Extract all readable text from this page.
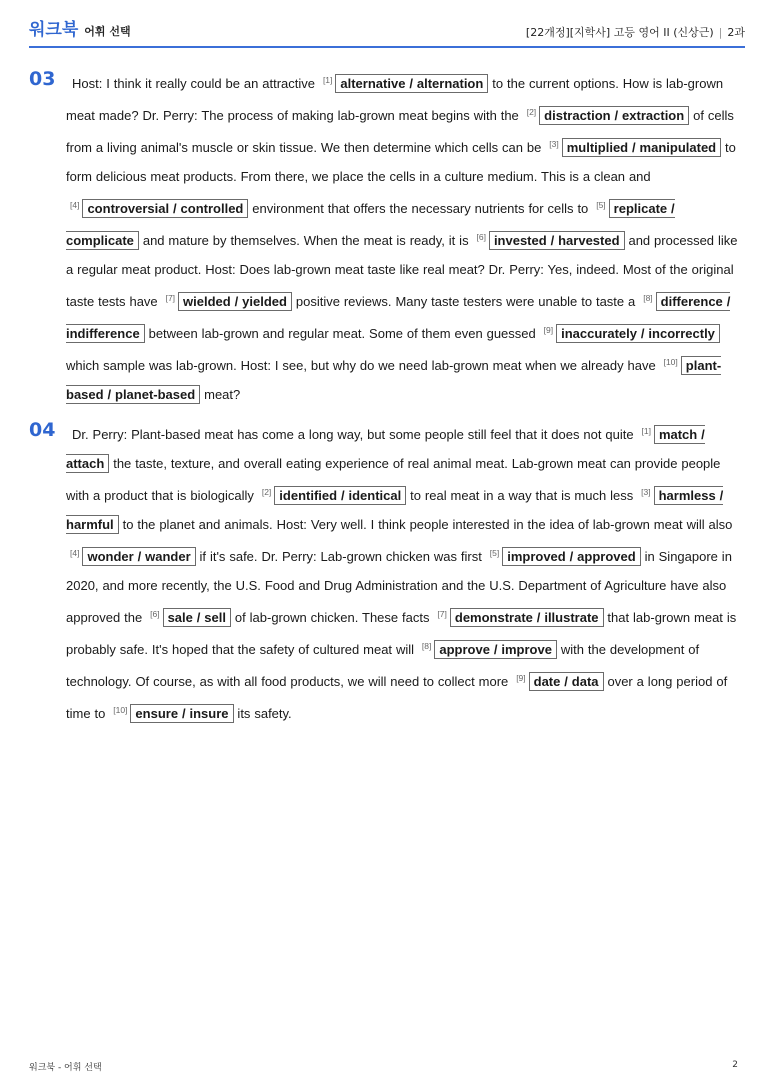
워크북 어휘 선택	[22개정][지학사] 고등 영어 II (신상근) | 2과
03	Host: I think it really could be an attractive [1] alternative / alternation to the current options. How is lab-grown meat made? Dr. Perry: The process of making lab-grown meat begins with the [2] distraction / extraction of cells from a living animal's muscle or skin tissue. We then determine which cells can be [3] multiplied / manipulated to form delicious meat products. From there, we place the cells in a culture medium. This is a clean and [4] controversial / controlled environment that offers the necessary nutrients for cells to [5] replicate / complicate and mature by themselves. When the meat is ready, it is [6] invested / harvested and processed like a regular meat product. Host: Does lab-grown meat taste like real meat? Dr. Perry: Yes, indeed. Most of the original taste tests have [7] wielded / yielded positive reviews. Many taste testers were unable to taste a [8] difference / indifference between lab-grown and regular meat. Some of them even guessed [9] inaccurately / incorrectly which sample was lab-grown. Host: I see, but why do we need lab-grown meat when we already have [10] plant-based / planet-based meat?
04	Dr. Perry: Plant-based meat has come a long way, but some people still feel that it does not quite [1] match / attach the taste, texture, and overall eating experience of real animal meat. Lab-grown meat can provide people with a product that is biologically [2] identified / identical to real meat in a way that is much less [3] harmless / harmful to the planet and animals. Host: Very well. I think people interested in the idea of lab-grown meat will also [4] wonder / wander if it's safe. Dr. Perry: Lab-grown chicken was first [5] improved / approved in Singapore in 2020, and more recently, the U.S. Food and Drug Administration and the U.S. Department of Agriculture have also approved the [6] sale / sell of lab-grown chicken. These facts [7] demonstrate / illustrate that lab-grown meat is probably safe. It's hoped that the safety of cultured meat will [8] approve / improve with the development of technology. Of course, as with all food products, we will need to collect more [9] date / data over a long period of time to [10] ensure / insure its safety.
워크북 - 어휘 선택	2
